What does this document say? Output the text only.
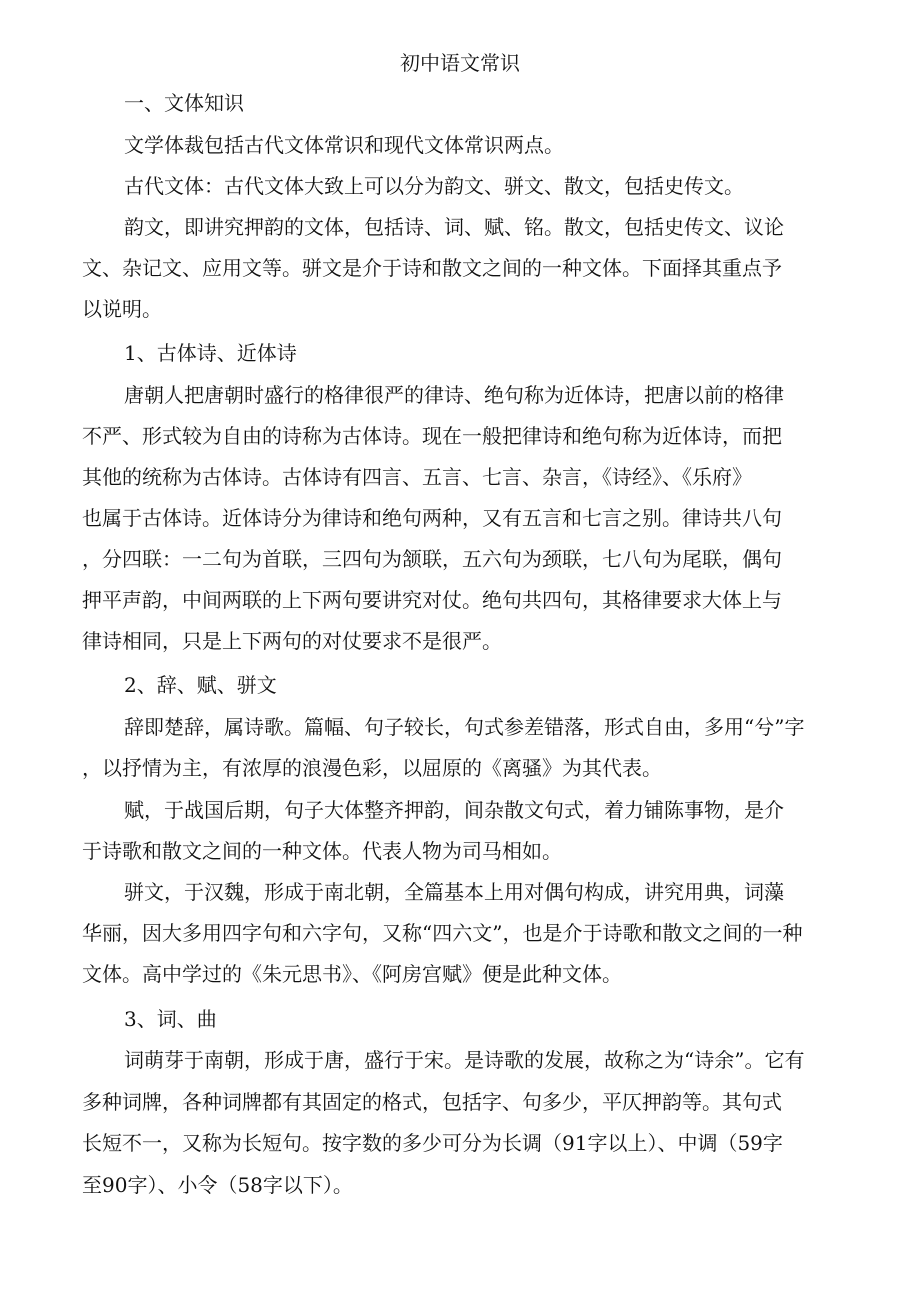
初中语文常识
一、文体知识
文学体裁包括古代文体常识和现代文体常识两点。
古代文体：古代文体大致上可以分为韵文、骈文、散文，包括史传文。
韵文，即讲究押韵的文体，包括诗、词、赋、铭。散文，包括史传文、议论
文、杂记文、应用文等。骈文是介于诗和散文之间的一种文体。下面择其重点予
以说明。
1、古体诗、近体诗
唐朝人把唐朝时盛行的格律很严的律诗、绝句称为近体诗，把唐以前的格律
不严、形式较为自由的诗称为古体诗。现在一般把律诗和绝句称为近体诗，而把
其他的统称为古体诗。古体诗有四言、五言、七言、杂言，《诗经》、《乐府》
也属于古体诗。近体诗分为律诗和绝句两种，又有五言和七言之别。律诗共八句
，分四联：一二句为首联，三四句为颔联，五六句为颈联，七八句为尾联，偶句
押平声韵，中间两联的上下两句要讲究对仗。绝句共四句，其格律要求大体上与
律诗相同，只是上下两句的对仗要求不是很严。
2、辞、赋、骈文
辞即楚辞，属诗歌。篇幅、句子较长，句式参差错落，形式自由，多用“兮”字
，以抒情为主，有浓厚的浪漫色彩，以屈原的《离骚》为其代表。
赋，于战国后期，句子大体整齐押韵，间杂散文句式，着力铺陈事物，是介
于诗歌和散文之间的一种文体。代表人物为司马相如。
骈文，于汉魏，形成于南北朝，全篇基本上用对偶句构成，讲究用典，词藻
华丽，因大多用四字句和六字句，又称“四六文”，也是介于诗歌和散文之间的一种
文体。高中学过的《朱元思书》、《阿房宫赋》便是此种文体。
3、词、曲
词萌芽于南朝，形成于唐，盛行于宋。是诗歌的发展，故称之为“诗余”。它有
多种词牌，各种词牌都有其固定的格式，包括字、句多少，平仄押韵等。其句式
长短不一，又称为长短句。按字数的多少可分为长调（91字以上）、中调（59字
至90字）、小令（58字以下）。
